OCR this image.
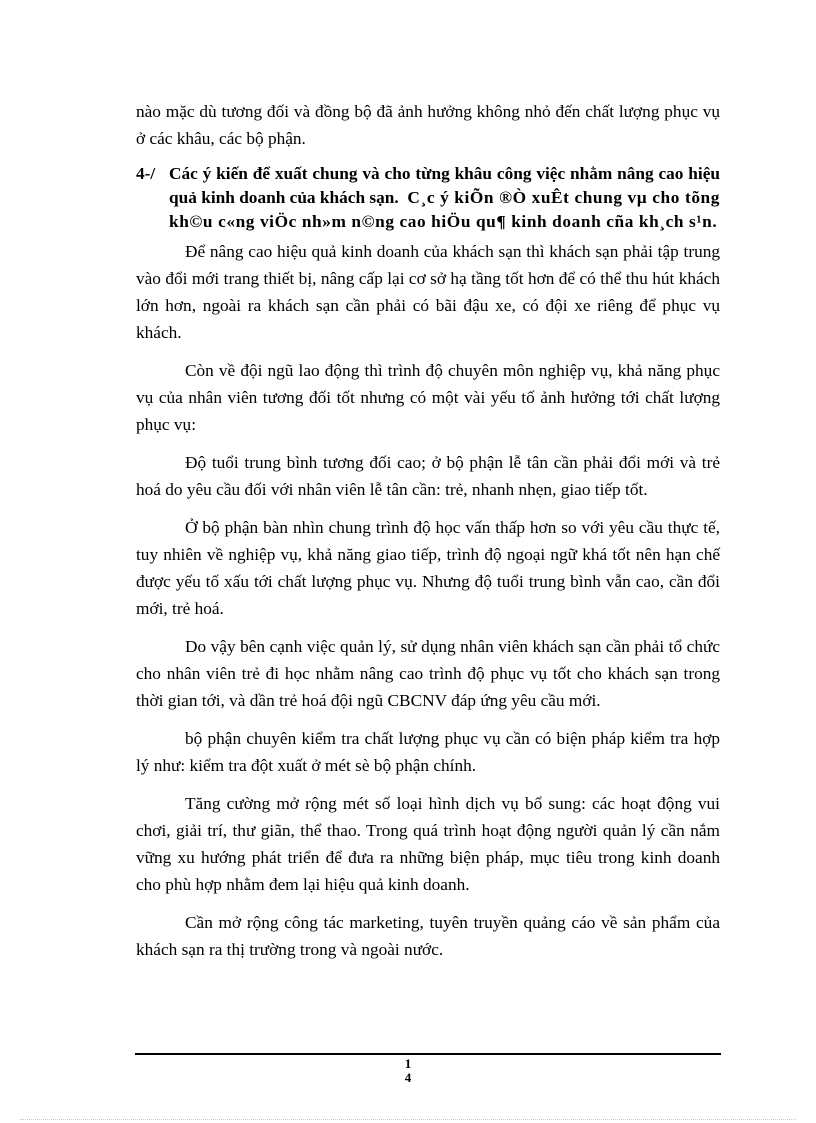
nào mặc dù tương đối và đồng bộ đã ảnh hưởng không nhỏ đến chất lượng phục vụ ở các khâu, các bộ phận.

4-/ Các ý kiến để xuất chung và cho từng khâu công việc nhằm nâng cao hiệu quả kinh doanh của khách sạn. C¸c ý kiÕn ®Ò xuÊt chung vµ cho tõng kh©u c«ng viÖc nh»m n©ng cao hiÖu qu¶ kinh doanh cña kh¸ch s¹n.

Để nâng cao hiệu quả kinh doanh của khách sạn thì khách sạn phải tập trung vào đổi mới trang thiết bị, nâng cấp lại cơ sở hạ tầng tốt hơn để có thể thu hút khách lớn hơn, ngoài ra khách sạn cần phải có bãi đậu xe, có đội xe riêng để phục vụ khách.

Còn về đội ngũ lao động thì trình độ chuyên môn nghiệp vụ, khả năng phục vụ của nhân viên tương đối tốt nhưng có một vài yếu tố ảnh hưởng tới chất lượng phục vụ:

Độ tuổi trung bình tương đối cao; ở bộ phận lễ tân cần phải đổi mới và trẻ hoá do yêu cầu đối với nhân viên lễ tân cần: trẻ, nhanh nhẹn, giao tiếp tốt.

Ở bộ phận bàn nhìn chung trình độ học vấn thấp hơn so với yêu cầu thực tế, tuy nhiên về nghiệp vụ, khả năng giao tiếp, trình độ ngoại ngữ khá tốt nên hạn chế được yếu tố xấu tới chất lượng phục vụ. Nhưng độ tuổi trung bình vẫn cao, cần đổi mới, trẻ hoá.

Do vậy bên cạnh việc quản lý, sử dụng nhân viên khách sạn cần phải tổ chức cho nhân viên trẻ đi học nhằm nâng cao trình độ phục vụ tốt cho khách sạn trong thời gian tới, và dần trẻ hoá đội ngũ CBCNV đáp ứng yêu cầu mới.

bộ phận chuyên kiểm tra chất lượng phục vụ cần có biện pháp kiểm tra hợp lý như: kiểm tra đột xuất ở mét sè bộ phận chính.

Tăng cường mở rộng mét số loại hình dịch vụ bổ sung: các hoạt động vui chơi, giải trí, thư giãn, thể thao. Trong quá trình hoạt động người quản lý cần nắm vững xu hướng phát triển để đưa ra những biện pháp, mục tiêu trong kinh doanh cho phù hợp nhằm đem lại hiệu quả kinh doanh.

Cần mở rộng công tác marketing, tuyên truyền quảng cáo về sản phẩm của khách sạn ra thị trường trong và ngoài nước.

1
4
